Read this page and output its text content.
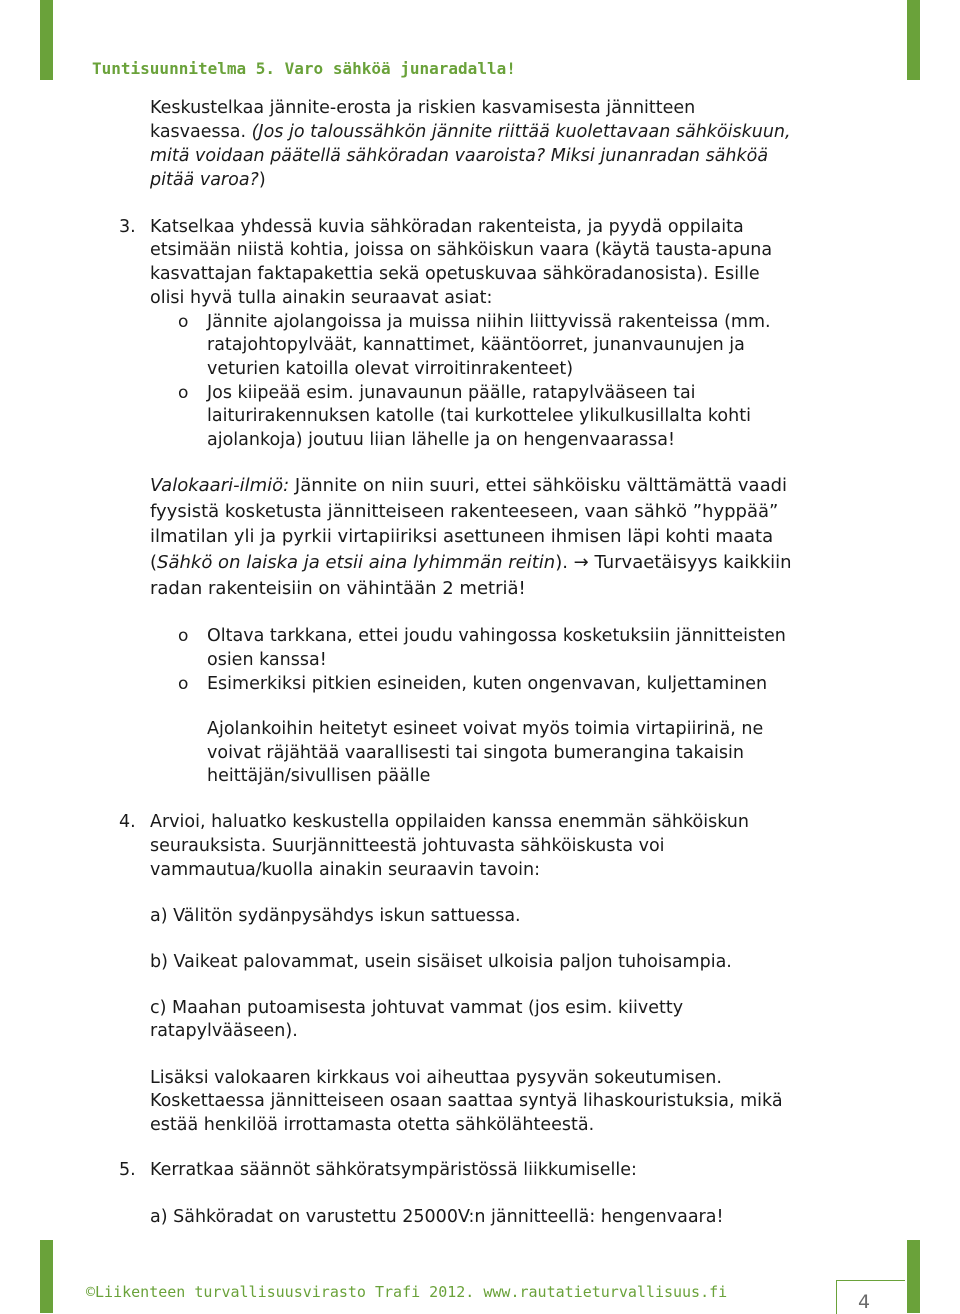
Tuntisuunnitelma 5. Varo sähköä junaradalla!
Keskustelkaa jännite-erosta ja riskien kasvamisesta jännitteen
kasvaessa. (Jos jo taloussähkön jännite riittää kuolettavaan sähköiskuun,
mitä voidaan päätellä sähköradan vaaroista? Miksi junanradan sähköä
pitää varoa?)
3. Katselkaa yhdessä kuvia sähköradan rakenteista, ja pyydä oppilaita
etsimään niistä kohtia, joissa on sähköiskun vaara (käytä tausta-apuna
kasvattajan faktapakettia sekä opetuskuvaa sähköradanosista). Esille
olisi hyvä tulla ainakin seuraavat asiat:
o Jännite ajolangoissa ja muissa niihin liittyvissä rakenteissa (mm.
ratajohtopylväät, kannattimet, kääntöorret, junanvaunujen ja
veturien katoilla olevat virroitinrakenteet)
o Jos kiipeää esim. junavaunun päälle, ratapylvääseen tai
laiturirakennuksen katolle (tai kurkottelee ylikulkusillalta kohti
ajolankoja) joutuu liian lähelle ja on hengenvaarassa!
Valokaari-ilmiö: Jännite on niin suuri, ettei sähköisku välttämättä vaadi
fyysistä kosketusta jännitteiseen rakenteeseen, vaan sähkö ”hyppää”
ilmatilan yli ja pyrkii virtapiiriksi asettuneen ihmisen läpi kohti maata
(Sähkö on laiska ja etsii aina lyhimmän reitin). → Turvaetäisyys kaikkiin
radan rakenteisiin on vähintään 2 metriä!
o Oltava tarkkana, ettei joudu vahingossa kosketuksiin jännitteisten
osien kanssa!
o Esimerkiksi pitkien esineiden, kuten ongenvavan, kuljettaminen
Ajolankoihin heitetyt esineet voivat myös toimia virtapiirinä, ne
voivat räjähtää vaarallisesti tai singota bumerangina takaisin
heittäjän/sivullisen päälle
4. Arvioi, haluatko keskustella oppilaiden kanssa enemmän sähköiskun
seurauksista. Suurjännitteestä johtuvasta sähköiskusta voi
vammautua/kuolla ainakin seuraavin tavoin:
a) Välitön sydänpysähdys iskun sattuessa.
b) Vaikeat palovammat, usein sisäiset ulkoisia paljon tuhoisampia.
c) Maahan putoamisesta johtuvat vammat (jos esim. kiivetty
ratapylvääseen).
Lisäksi valokaaren kirkkaus voi aiheuttaa pysyvän sokeutumisen.
Koskettaessa jännitteiseen osaan saattaa syntyä lihaskouristuksia, mikä
estää henkilöä irrottamasta otetta sähkölähteestä.
5. Kerratkaa säännöt sähköratsympäristössä liikkumiselle:
a) Sähköradat on varustettu 25000V:n jännitteellä: hengenvaara!
©Liikenteen turvallisuusvirasto Trafi 2012. www.rautatieturvallisuus.fi	4
